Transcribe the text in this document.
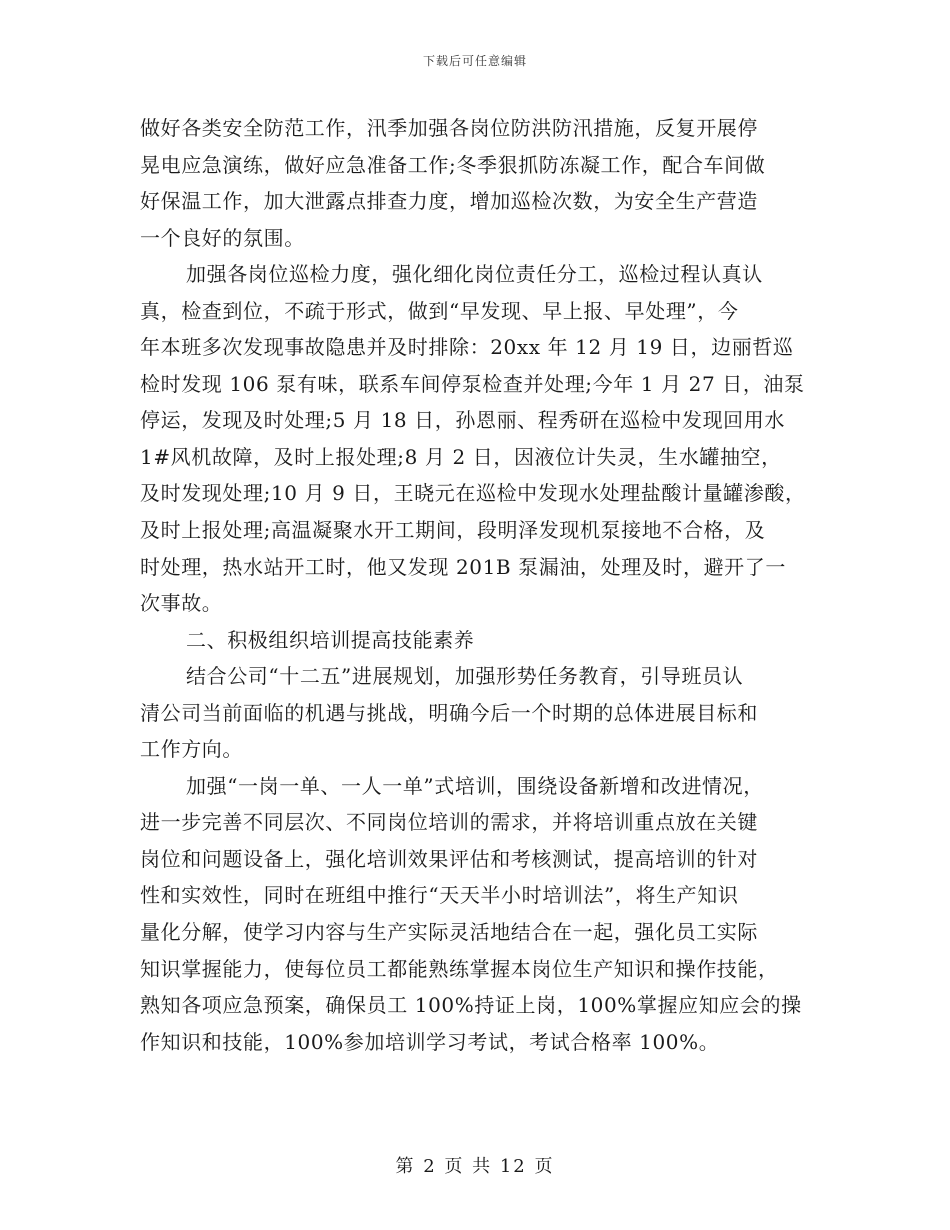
下载后可任意编辑
做好各类安全防范工作，汛季加强各岗位防洪防汛措施，反复开展停
晃电应急演练，做好应急准备工作;冬季狠抓防冻凝工作，配合车间做
好保温工作，加大泄露点排查力度，增加巡检次数，为安全生产营造
一个良好的氛围。
加强各岗位巡检力度，强化细化岗位责任分工，巡检过程认真认
真，检查到位，不疏于形式，做到“早发现、早上报、早处理”，今
年本班多次发现事故隐患并及时排除：20xx 年 12 月 19 日，边丽哲巡
检时发现 106 泵有味，联系车间停泵检查并处理;今年 1 月 27 日，油泵
停运，发现及时处理;5 月 18 日，孙恩丽、程秀研在巡检中发现回用水
1#风机故障，及时上报处理;8 月 2 日，因液位计失灵，生水罐抽空，
及时发现处理;10 月 9 日，王晓元在巡检中发现水处理盐酸计量罐渗酸，
及时上报处理;高温凝聚水开工期间，段明泽发现机泵接地不合格，及
时处理，热水站开工时，他又发现 201B 泵漏油，处理及时，避开了一
次事故。
二、积极组织培训提高技能素养
结合公司“十二五”进展规划，加强形势任务教育，引导班员认
清公司当前面临的机遇与挑战，明确今后一个时期的总体进展目标和
工作方向。
加强“一岗一单、一人一单”式培训，围绕设备新增和改进情况，
进一步完善不同层次、不同岗位培训的需求，并将培训重点放在关键
岗位和问题设备上，强化培训效果评估和考核测试，提高培训的针对
性和实效性，同时在班组中推行“天天半小时培训法”，将生产知识
量化分解，使学习内容与生产实际灵活地结合在一起，强化员工实际
知识掌握能力，使每位员工都能熟练掌握本岗位生产知识和操作技能，
熟知各项应急预案，确保员工 100%持证上岗，100%掌握应知应会的操
作知识和技能，100%参加培训学习考试，考试合格率 100%。
第 2 页 共 12 页
